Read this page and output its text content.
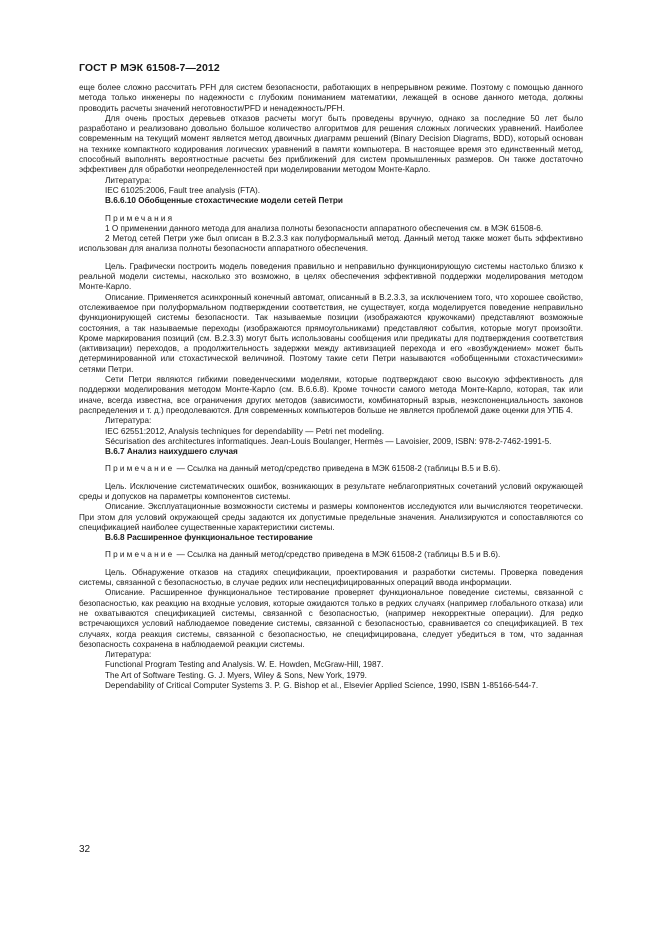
ГОСТ Р МЭК 61508-7—2012

еще более сложно рассчитать PFH для систем безопасности, работающих в непрерывном режиме. Поэтому с помощью данного метода только инженеры по надежности с глубоким пониманием математики, лежащей в основе данного метода, должны проводить расчеты значений неготовности/PFD и ненадежность/PFH.

Для очень простых деревьев отказов расчеты могут быть проведены вручную, однако за последние 50 лет было разработано и реализовано довольно большое количество алгоритмов для решения сложных логических уравнений. Наиболее современным на текущий момент является метод двоичных диаграмм решений (Binary Decision Diagrams, BDD), который основан на технике компактного кодирования логических уравнений в памяти компьютера. В настоящее время это единственный метод, способный выполнять вероятностные расчеты без приближений для систем промышленных размеров. Он также достаточно эффективен для обработки неопределенностей при моделировании методом Монте-Карло.

Литература:

IEC 61025:2006, Fault tree analysis (FTA).

B.6.6.10 Обобщенные стохастические модели сетей Петри

Примечания

1 О применении данного метода для анализа полноты безопасности аппаратного обеспечения см. в МЭК 61508-6.

2 Метод сетей Петри уже был описан в В.2.3.3 как полуформальный метод. Данный метод также может быть эффективно использован для анализа полноты безопасности аппаратного обеспечения.

Цель. Графически построить модель поведения правильно и неправильно функционирующую системы настолько близко к реальной модели системы, насколько это возможно, в целях обеспечения эффективной поддержки моделирования методом Монте-Карло.

Описание. Применяется асинхронный конечный автомат, описанный в В.2.3.3, за исключением того, что хорошее свойство, отслеживаемое при полуформальном подтверждении соответствия, не существует, когда моделируется поведение неправильно функционирующей системы безопасности. Так называемые позиции (изображаются кружочками) представляют возможные состояния, а так называемые переходы (изображаются прямоугольниками) представляют события, которые могут произойти. Кроме маркирования позиций (см. В.2.3.3) могут быть использованы сообщения или предикаты для подтверждения соответствия (активизации) переходов, а продолжительность задержки между активизацией перехода и его «возбуждением» может быть детерминированной или стохастической величиной. Поэтому такие сети Петри называются «обобщенными стохастическими» сетями Петри.

Сети Петри являются гибкими поведенческими моделями, которые подтверждают свою высокую эффективность для поддержки моделирования методом Монте-Карло (см. В.6.6.8). Кроме точности самого метода Монте-Карло, которая, так или иначе, всегда известна, все ограничения других методов (зависимости, комбинаторный взрыв, неэкспоненциальность законов распределения и т. д.) преодолеваются. Для современных компьютеров больше не является проблемой даже оценки для УПБ 4.

Литература:

IEC 62551:2012, Analysis techniques for dependability — Petri net modeling.

Sécurisation des architectures informatiques. Jean-Louis Boulanger, Hermès — Lavoisier, 2009, ISBN: 978-2-7462-1991-5.

B.6.7 Анализ наихудшего случая

Примечание — Ссылка на данный метод/средство приведена в МЭК 61508-2 (таблицы В.5 и В.6).

Цель. Исключение систематических ошибок, возникающих в результате неблагоприятных сочетаний условий окружающей среды и допусков на параметры компонентов системы.

Описание. Эксплуатационные возможности системы и размеры компонентов исследуются или вычисляются теоретически. При этом для условий окружающей среды задаются их допустимые предельные значения. Анализируются и сопоставляются со спецификацией наиболее существенные характеристики системы.

B.6.8 Расширенное функциональное тестирование

Примечание — Ссылка на данный метод/средство приведена в МЭК 61508-2 (таблицы В.5 и В.6).

Цель. Обнаружение отказов на стадиях спецификации, проектирования и разработки системы. Проверка поведения системы, связанной с безопасностью, в случае редких или неспецифицированных операций ввода информации.

Описание. Расширенное функциональное тестирование проверяет функциональное поведение системы, связанной с безопасностью, как реакцию на входные условия, которые ожидаются только в редких случаях (например глобального отказа) или не охватываются спецификацией системы, связанной с безопасностью, (например некорректные операции). Для редко встречающихся условий наблюдаемое поведение системы, связанной с безопасностью, сравнивается со спецификацией. В тех случаях, когда реакция системы, связанной с безопасностью, не специфицирована, следует убедиться в том, что заданная безопасность сохранена в наблюдаемой реакции системы.

Литература:

Functional Program Testing and Analysis. W. E. Howden, McGraw-Hill, 1987.

The Art of Software Testing. G. J. Myers, Wiley & Sons, New York, 1979.

Dependability of Critical Computer Systems 3. P. G. Bishop et al., Elsevier Applied Science, 1990, ISBN 1-85166-544-7.

32
